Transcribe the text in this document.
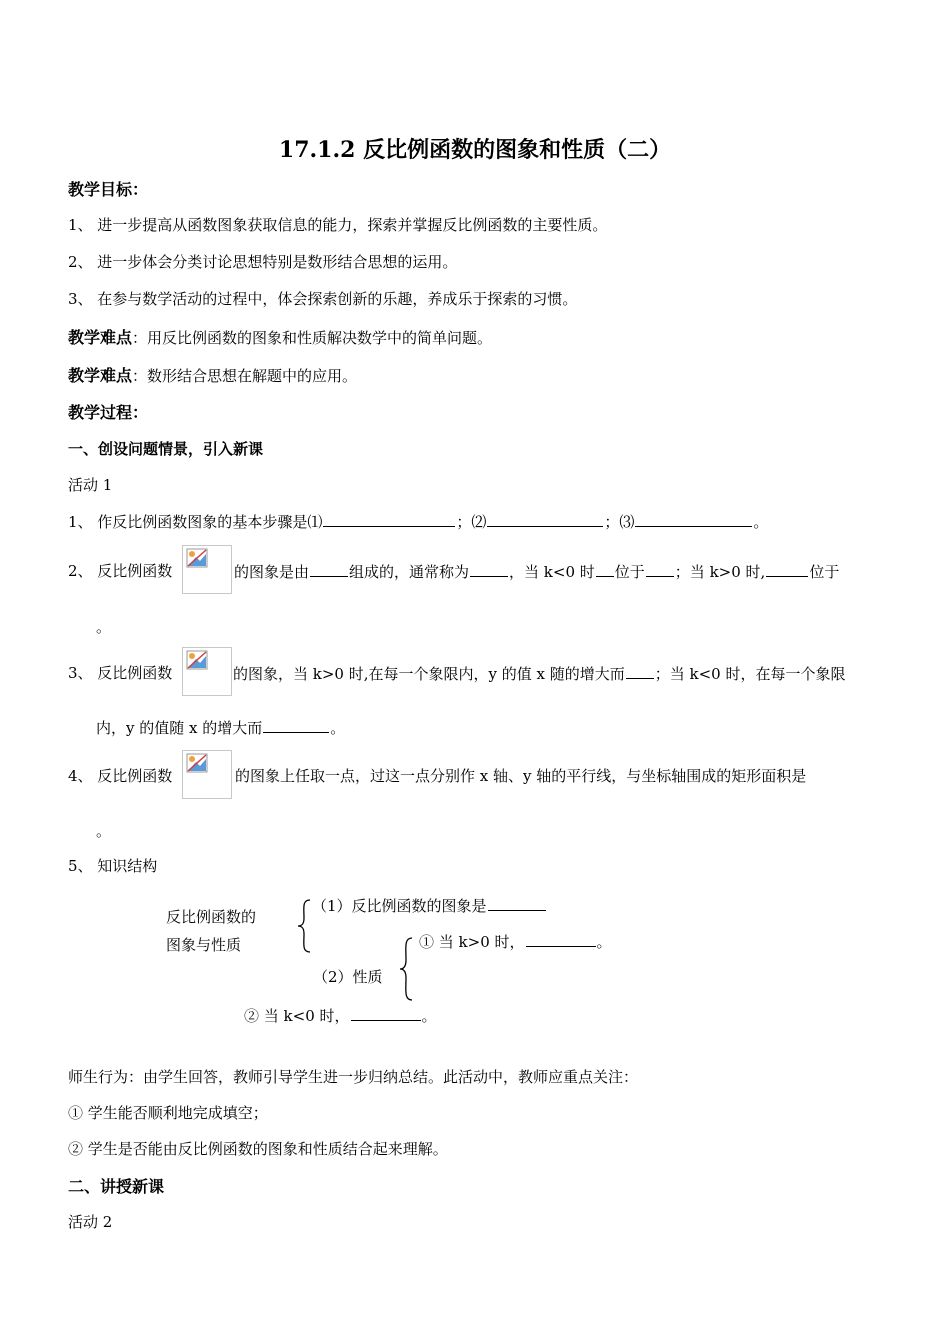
17.1.2 反比例函数的图象和性质（二）
教学目标：
1、 进一步提高从函数图象获取信息的能力，探索并掌握反比例函数的主要性质。
2、 进一步体会分类讨论思想特别是数形结合思想的运用。
3、 在参与数学活动的过程中，体会探索创新的乐趣，养成乐于探索的习惯。
教学难点：用反比例函数的图象和性质解决数学中的简单问题。
教学难点：数形结合思想在解题中的应用。
教学过程：
一、创设问题情景，引入新课
活动 1
1、 作反比例函数图象的基本步骤是⑴	；⑵	；⑶	。
2、 反比例函数	的图象是由	组成的，通常称为	，当 k<0 时 位于 ；当 k>0 时,	位于
。
3、 反比例函数	的图象，当 k>0 时,在每一个象限内，y 的值 x 随的增大而 ；当 k<0 时，在每一个象限
内，y 的值随 x 的增大而	。
4、 反比例函数	的图象上任取一点，过这一点分别作 x 轴、y 轴的平行线，与坐标轴围成的矩形面积是
。
5、 知识结构
反比例函数的
图象与性质
（1）反比例函数的图象是
① 当 k>0 时，	。
（2）性质
② 当 k<0 时，	。
师生行为：由学生回答，教师引导学生进一步归纳总结。此活动中，教师应重点关注：
① 学生能否顺利地完成填空；
② 学生是否能由反比例函数的图象和性质结合起来理解。
二、讲授新课
活动 2
